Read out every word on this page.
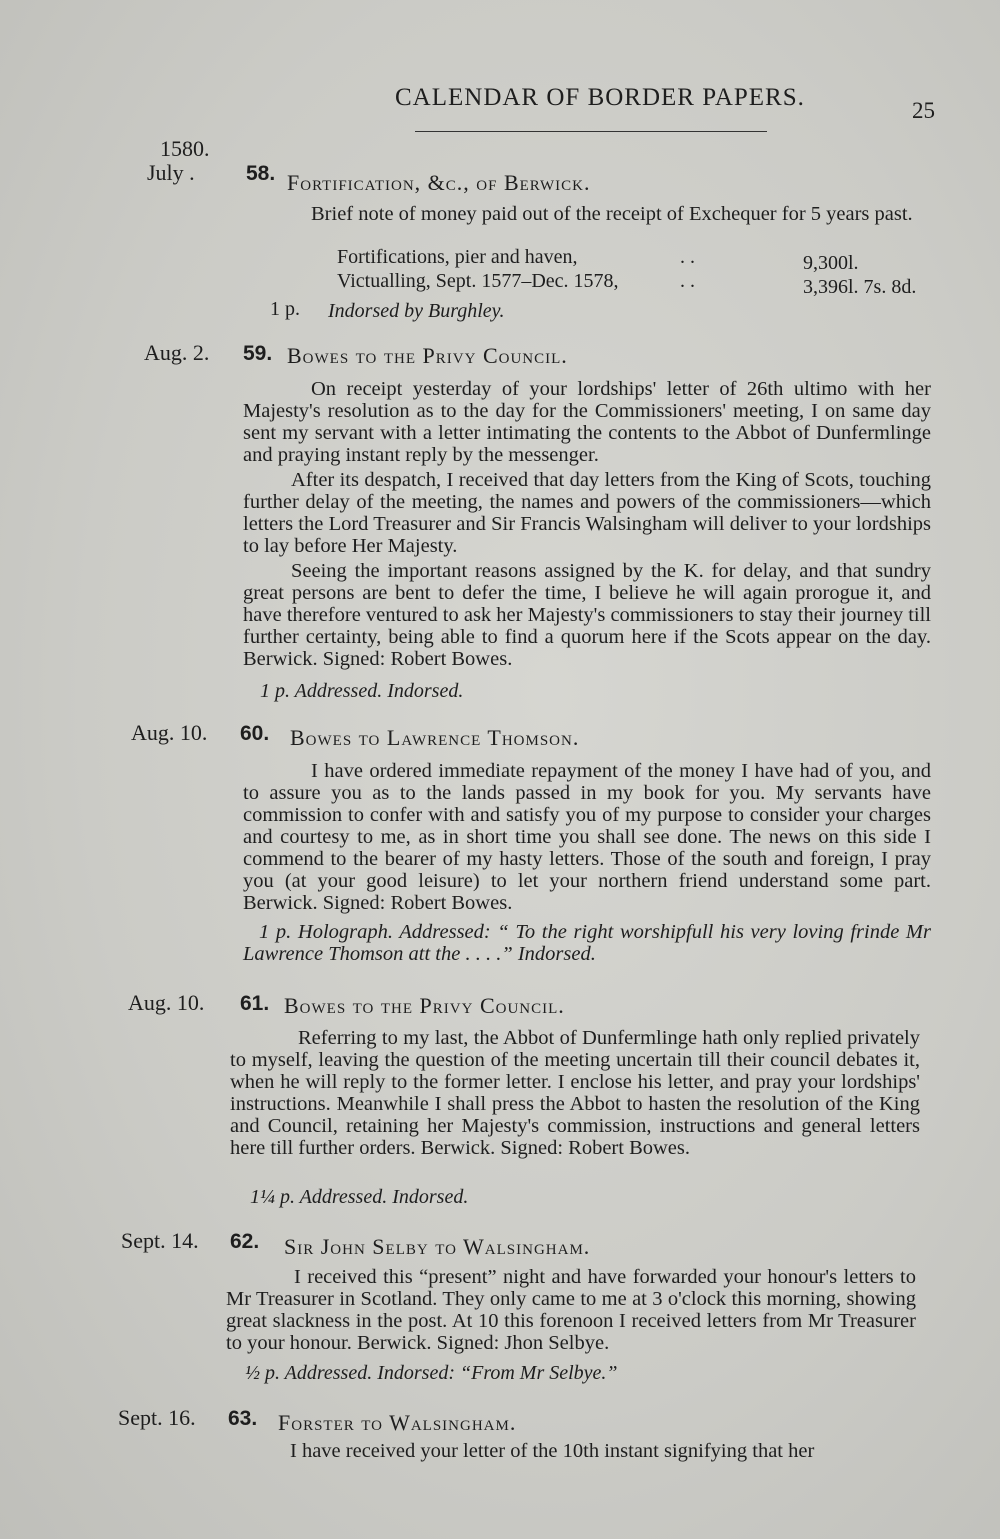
CALENDAR OF BORDER PAPERS.	25
1580.
July . 58. Fortification, &c., of Berwick.
Brief note of money paid out of the receipt of Exchequer for 5 years past.
Fortifications, pier and haven,	. .	9,300l.
Victualling, Sept. 1577–Dec. 1578,	. .	3,396l. 7s. 8d.
1 p. Indorsed by Burghley.
Aug. 2. 59. Bowes to the Privy Council.
On receipt yesterday of your lordships' letter of 26th ultimo with her Majesty's resolution as to the day for the Commissioners' meeting, I on same day sent my servant with a letter intimating the contents to the Abbot of Dunfermlinge and praying instant reply by the messenger.
After its despatch, I received that day letters from the King of Scots, touching further delay of the meeting, the names and powers of the commissioners—which letters the Lord Treasurer and Sir Francis Walsingham will deliver to your lordships to lay before Her Majesty.
Seeing the important reasons assigned by the K. for delay, and that sundry great persons are bent to defer the time, I believe he will again prorogue it, and have therefore ventured to ask her Majesty's commissioners to stay their journey till further certainty, being able to find a quorum here if the Scots appear on the day. Berwick. Signed: Robert Bowes.
1 p. Addressed. Indorsed.
Aug. 10. 60. Bowes to Lawrence Thomson.
I have ordered immediate repayment of the money I have had of you, and to assure you as to the lands passed in my book for you. My servants have commission to confer with and satisfy you of my purpose to consider your charges and courtesy to me, as in short time you shall see done. The news on this side I commend to the bearer of my hasty letters. Those of the south and foreign, I pray you (at your good leisure) to let your northern friend understand some part. Berwick. Signed: Robert Bowes.
1 p. Holograph. Addressed: “ To the right worshipfull his very loving frinde Mr Lawrence Thomson att the . . . .” Indorsed.
Aug. 10. 61. Bowes to the Privy Council.
Referring to my last, the Abbot of Dunfermlinge hath only replied privately to myself, leaving the question of the meeting uncertain till their council debates it, when he will reply to the former letter. I enclose his letter, and pray your lordships' instructions. Meanwhile I shall press the Abbot to hasten the resolution of the King and Council, retaining her Majesty's commission, instructions and general letters here till further orders. Berwick. Signed: Robert Bowes.
1¼ p. Addressed. Indorsed.
Sept. 14. 62. Sir John Selby to Walsingham.
I received this “present” night and have forwarded your honour's letters to Mr Treasurer in Scotland. They only came to me at 3 o'clock this morning, showing great slackness in the post. At 10 this forenoon I received letters from Mr Treasurer to your honour. Berwick. Signed: Jhon Selbye.
½ p. Addressed. Indorsed: “From Mr Selbye.”
Sept. 16. 63. Forster to Walsingham.
I have received your letter of the 10th instant signifying that her
